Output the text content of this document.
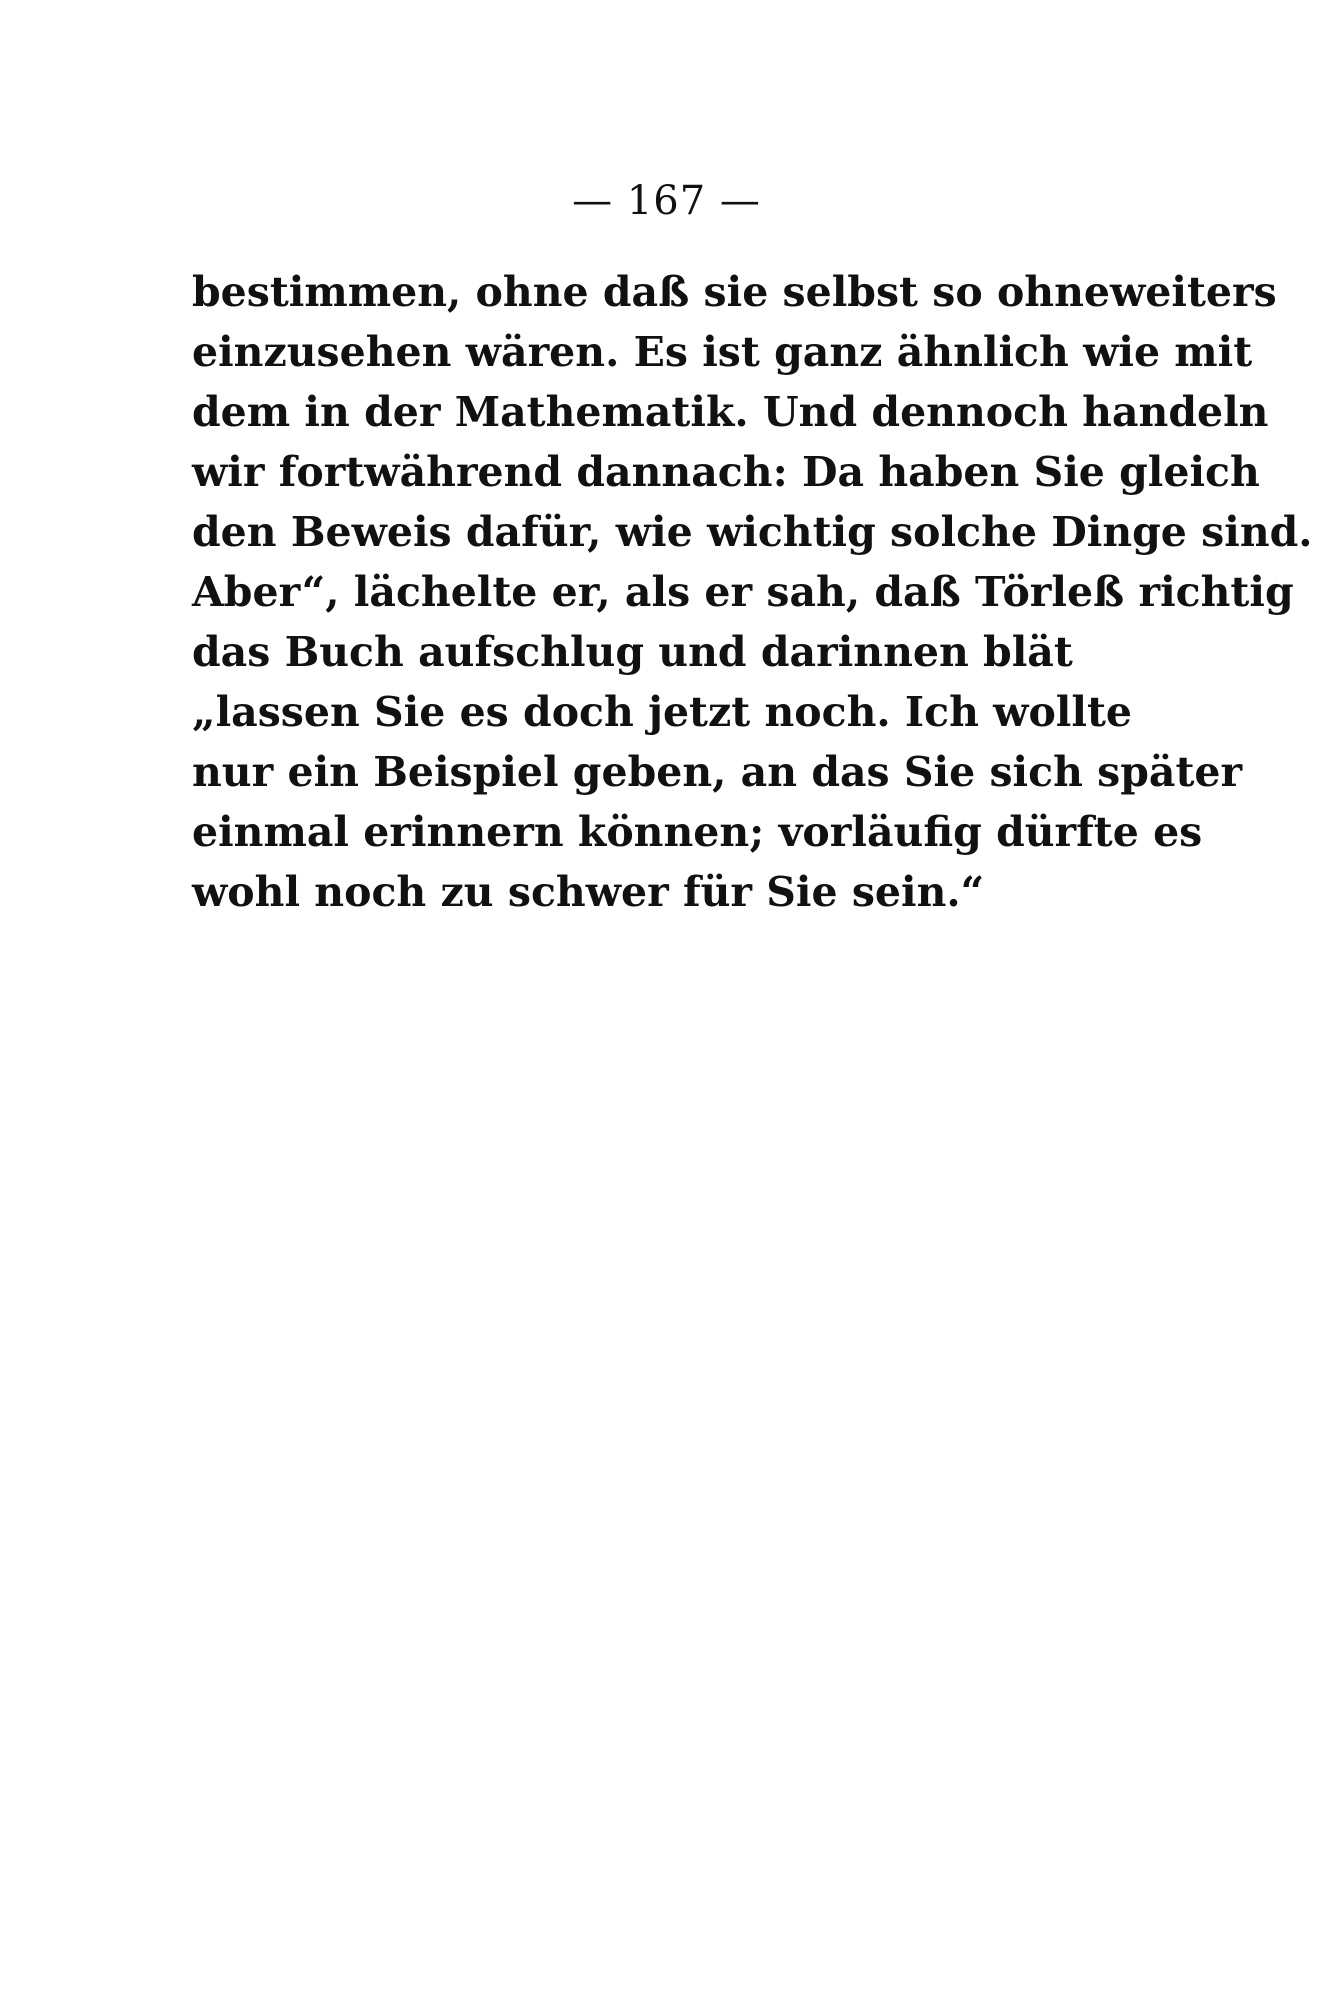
— 167 —
bestimmen, ohne daß sie selbst so ohneweiters
einzusehen wären. Es ist ganz ähnlich wie mit
dem in der Mathematik. Und dennoch handeln
wir fortwährend dannach: Da haben Sie gleich
den Beweis dafür, wie wichtig solche Dinge sind.
Aber“, lächelte er, als er sah, daß Törleß richtig
das Buch aufschlug und darinnen blät
„lassen Sie es doch jetzt noch. Ich wollte
nur ein Beispiel geben, an das Sie sich später
einmal erinnern können; vorläufig dürfte es
wohl noch zu schwer für Sie sein.“
